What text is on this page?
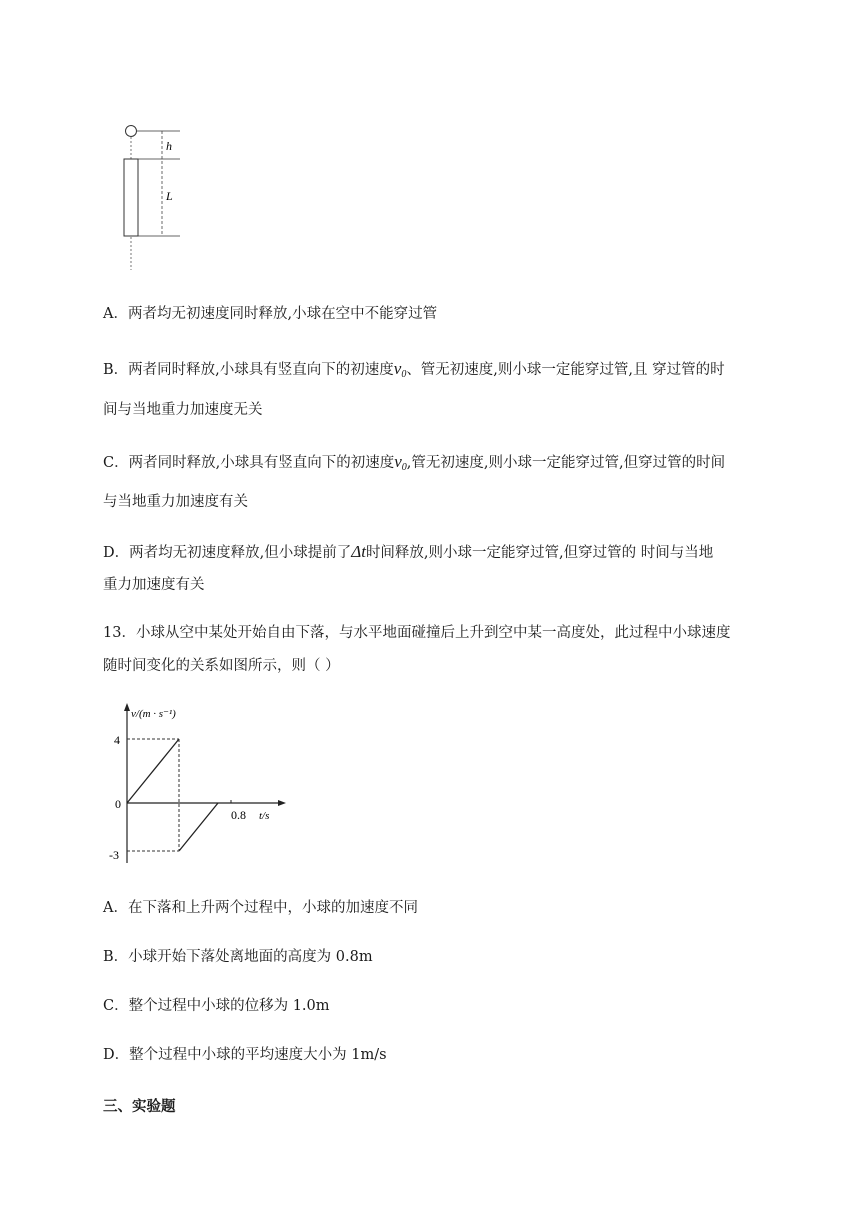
h
L
A．两者均无初速度同时释放,小球在空中不能穿过管
B．两者同时释放,小球具有竖直向下的初速度$v_0$、管无初速度,则小球一定能穿过管,且 穿过管的时
间与当地重力加速度无关
C．两者同时释放,小球具有竖直向下的初速度$v_0$,管无初速度,则小球一定能穿过管,但穿过管的时间
与当地重力加速度有关
D．两者均无初速度释放,但小球提前了Δt时间释放,则小球一定能穿过管,但穿过管的 时间与当地
重力加速度有关
13．小球从空中某处开始自由下落，与水平地面碰撞后上升到空中某一高度处，此过程中小球速度
随时间变化的关系如图所示，则（ ）
v/(m · s⁻¹)
t/s
4
0
-3
0.8
A．在下落和上升两个过程中，小球的加速度不同
B．小球开始下落处离地面的高度为 0.8m
C．整个过程中小球的位移为 1.0m
D．整个过程中小球的平均速度大小为 1m/s
三、实验题
